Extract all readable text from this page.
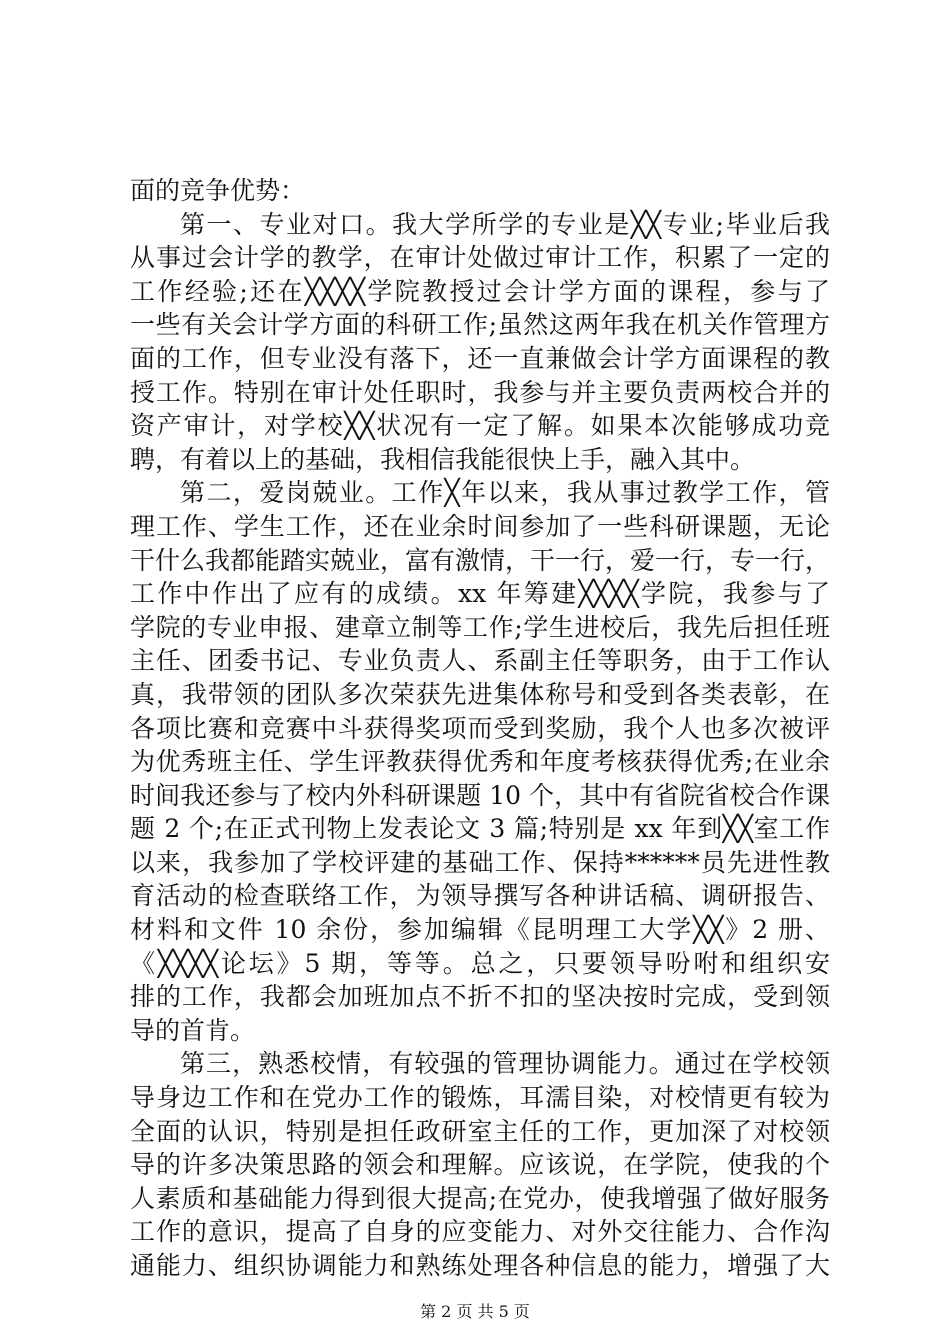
面的竞争优势：
第一、专业对口。我大学所学的专业是╳╳专业;毕业后我
从事过会计学的教学，在审计处做过审计工作，积累了一定的
工作经验;还在╳╳╳╳学院教授过会计学方面的课程，参与了
一些有关会计学方面的科研工作;虽然这两年我在机关作管理方
面的工作，但专业没有落下，还一直兼做会计学方面课程的教
授工作。特别在审计处任职时，我参与并主要负责两校合并的
资产审计，对学校╳╳状况有一定了解。如果本次能够成功竞
聘，有着以上的基础，我相信我能很快上手，融入其中。
第二，爱岗兢业。工作╳年以来，我从事过教学工作，管
理工作、学生工作，还在业余时间参加了一些科研课题，无论
干什么我都能踏实兢业，富有激情，干一行，爱一行，专一行，
工作中作出了应有的成绩。xx 年筹建╳╳╳╳学院，我参与了
学院的专业申报、建章立制等工作;学生进校后，我先后担任班
主任、团委书记、专业负责人、系副主任等职务，由于工作认
真，我带领的团队多次荣获先进集体称号和受到各类表彰，在
各项比赛和竞赛中斗获得奖项而受到奖励，我个人也多次被评
为优秀班主任、学生评教获得优秀和年度考核获得优秀;在业余
时间我还参与了校内外科研课题 10 个，其中有省院省校合作课
题 2 个;在正式刊物上发表论文 3 篇;特别是 xx 年到╳╳室工作
以来，我参加了学校评建的基础工作、保持******员先进性教
育活动的检查联络工作，为领导撰写各种讲话稿、调研报告、
材料和文件 10 余份，参加编辑《昆明理工大学╳╳》2 册、
《╳╳╳╳论坛》5 期，等等。总之，只要领导吩咐和组织安
排的工作，我都会加班加点不折不扣的坚决按时完成，受到领
导的首肯。
第三，熟悉校情，有较强的管理协调能力。通过在学校领
导身边工作和在党办工作的锻炼，耳濡目染，对校情更有较为
全面的认识，特别是担任政研室主任的工作，更加深了对校领
导的许多决策思路的领会和理解。应该说，在学院，使我的个
人素质和基础能力得到很大提高;在党办，使我增强了做好服务
工作的意识，提高了自身的应变能力、对外交往能力、合作沟
通能力、组织协调能力和熟练处理各种信息的能力，增强了大
第 2 页 共 5 页
